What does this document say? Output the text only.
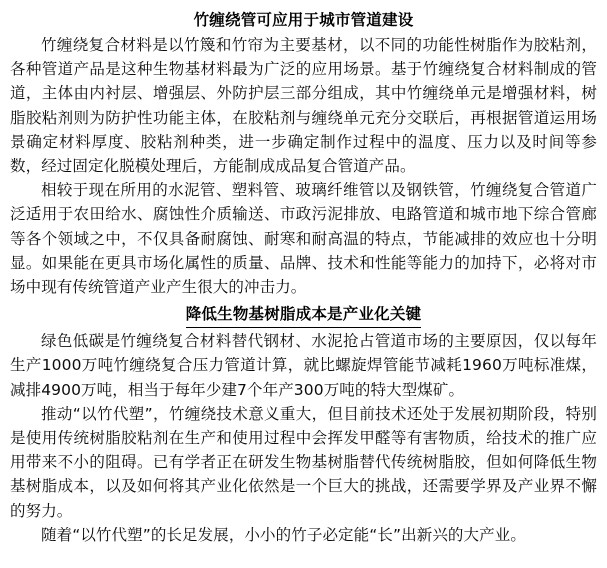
竹缠绕管可应用于城市管道建设

竹缠绕复合材料是以竹篾和竹帘为主要基材，以不同的功能性树脂作为胶粘剂，各种管道产品是这种生物基材料最为广泛的应用场景。基于竹缠绕复合材料制成的管道，主体由内衬层、增强层、外防护层三部分组成，其中竹缠绕单元是增强材料，树脂胶粘剂则为防护性功能主体，在胶粘剂与缠绕单元充分交联后，再根据管道运用场景确定材料厚度、胶粘剂种类，进一步确定制作过程中的温度、压力以及时间等参数，经过固定化脱模处理后，方能制成成品复合管道产品。

相较于现在所用的水泥管、塑料管、玻璃纤维管以及钢铁管，竹缠绕复合管道广泛适用于农田给水、腐蚀性介质输送、市政污泥排放、电路管道和城市地下综合管廊等各个领域之中，不仅具备耐腐蚀、耐寒和耐高温的特点，节能减排的效应也十分明显。如果能在更具市场化属性的质量、品牌、技术和性能等能力的加持下，必将对市场中现有传统管道产业产生很大的冲击力。

降低生物基树脂成本是产业化关键

绿色低碳是竹缠绕复合材料替代钢材、水泥抢占管道市场的主要原因，仅以每年生产1000万吨竹缠绕复合压力管道计算，就比螺旋焊管能节减耗1960万吨标准煤，减排4900万吨，相当于每年少建7个年产300万吨的特大型煤矿。

推动“以竹代塑”，竹缠绕技术意义重大，但目前技术还处于发展初期阶段，特别是使用传统树脂胶粘剂在生产和使用过程中会挥发甲醛等有害物质，给技术的推广应用带来不小的阻碍。已有学者正在研发生物基树脂替代传统树脂胶，但如何降低生物基树脂成本，以及如何将其产业化依然是一个巨大的挑战，还需要学界及产业界不懈的努力。

随着“以竹代塑”的长足发展，小小的竹子必定能“长”出新兴的大产业。
